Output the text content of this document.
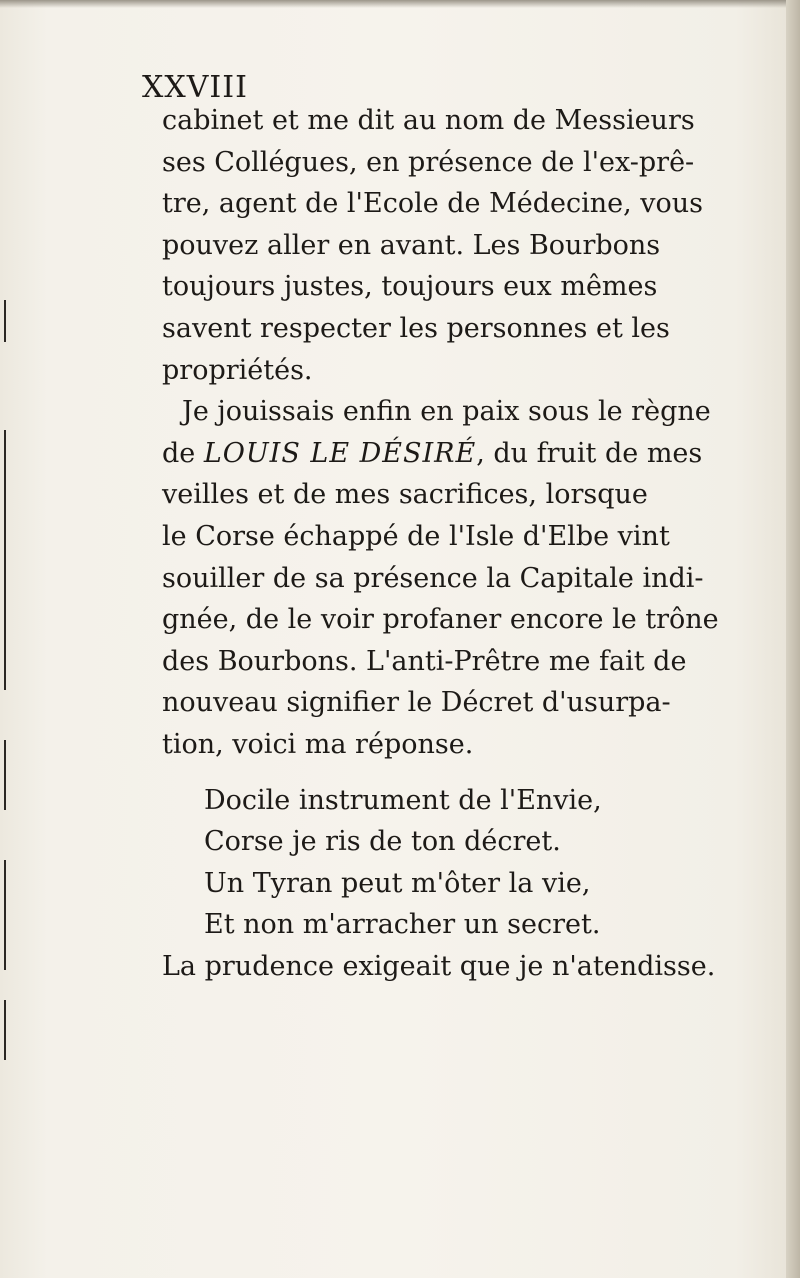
XXVIII
cabinet et me dit au nom de Messieurs
ses Collégues, en présence de l'ex-prê-
tre, agent de l'Ecole de Médecine, vous
pouvez aller en avant. Les Bourbons
toujours justes, toujours eux mêmes
savent respecter les personnes et les
propriétés.
Je jouissais enfin en paix sous le règne
de LOUIS LE DÉSIRÉ, du fruit de mes
veilles et de mes sacrifices, lorsque
le Corse échappé de l'Isle d'Elbe vint
souiller de sa présence la Capitale indi-
gnée, de le voir profaner encore le trône
des Bourbons. L'anti-Prêtre me fait de
nouveau signifier le Décret d'usurpa-
tion, voici ma réponse.
Docile instrument de l'Envie,
Corse je ris de ton décret.
Un Tyran peut m'ôter la vie,
Et non m'arracher un secret.
La prudence exigeait que je n'atendisse.
